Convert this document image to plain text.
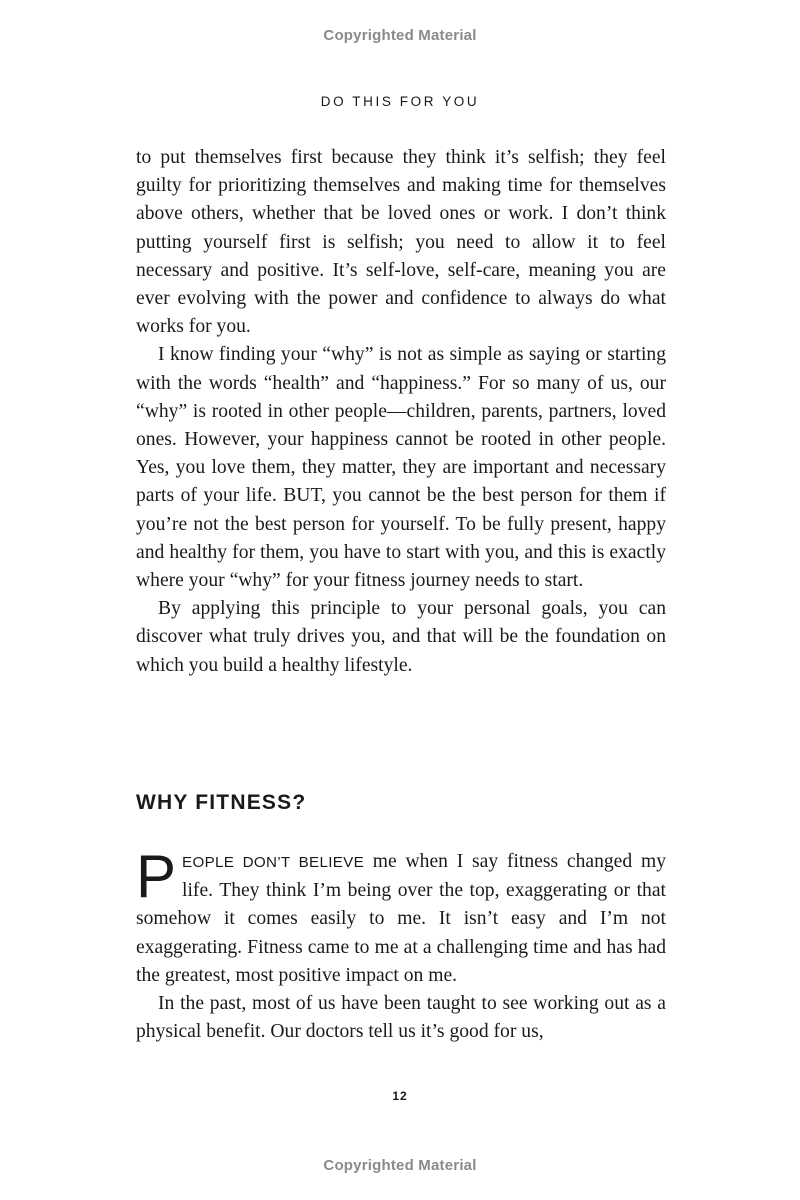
Copyrighted Material
DO THIS FOR YOU

to put themselves first because they think it’s selfish; they feel guilty for prioritizing themselves and making time for themselves above others, whether that be loved ones or work. I don’t think putting yourself first is selfish; you need to allow it to feel necessary and positive. It’s self-love, self-care, meaning you are ever evolving with the power and confidence to always do what works for you.

I know finding your “why” is not as simple as saying or starting with the words “health” and “happiness.” For so many of us, our “why” is rooted in other people—children, parents, partners, loved ones. However, your happiness cannot be rooted in other people. Yes, you love them, they matter, they are important and necessary parts of your life. BUT, you cannot be the best person for them if you’re not the best person for yourself. To be fully present, happy and healthy for them, you have to start with you, and this is exactly where your “why” for your fitness journey needs to start.

By applying this principle to your personal goals, you can discover what truly drives you, and that will be the foundation on which you build a healthy lifestyle.

WHY FITNESS?

PEOPLE DON’T BELIEVE me when I say fitness changed my life. They think I’m being over the top, exaggerating or that somehow it comes easily to me. It isn’t easy and I’m not exaggerating. Fitness came to me at a challenging time and has had the greatest, most positive impact on me.

In the past, most of us have been taught to see working out as a physical benefit. Our doctors tell us it’s good for us,

12
Copyrighted Material
